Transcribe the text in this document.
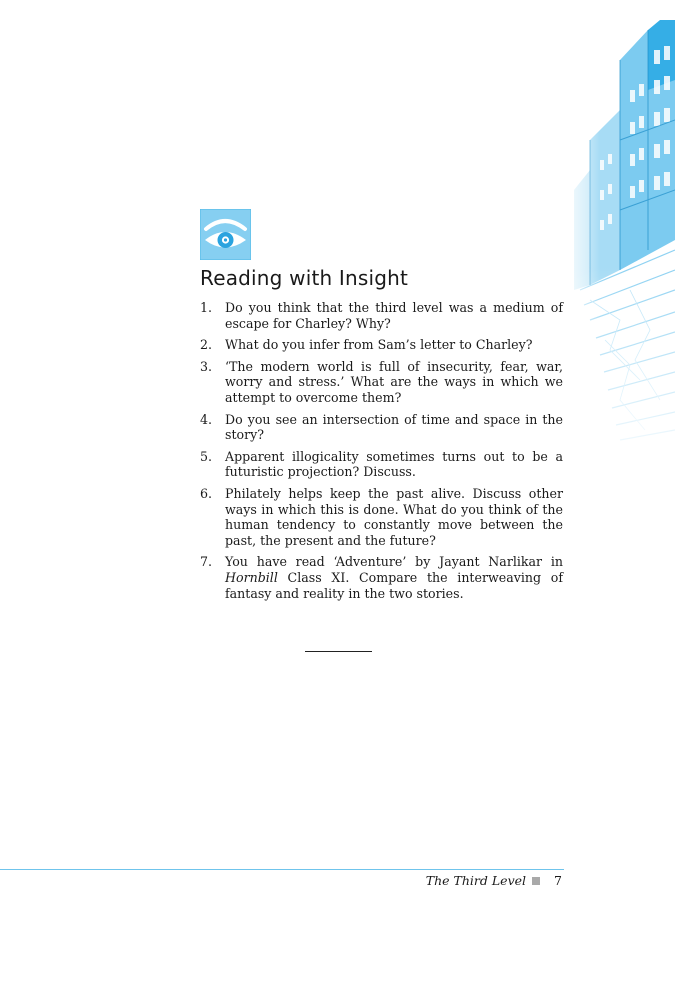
Reading with Insight
1.	Do you think that the third level was a medium of escape for Charley? Why?
2.	What do you infer from Sam’s letter to Charley?
3.	‘The modern world is full of insecurity, fear, war, worry and stress.’ What are the ways in which we attempt to overcome them?
4.	Do you see an intersection of time and space in the story?
5.	Apparent illogicality sometimes turns out to be a futuristic projection? Discuss.
6.	Philately helps keep the past alive. Discuss other ways in which this is done. What do you think of the human tendency to constantly move between the past, the present and the future?
7.	You have read ‘Adventure’ by Jayant Narlikar in Hornbill Class XI. Compare the interweaving of fantasy and reality in the two stories.
The Third Level 7
